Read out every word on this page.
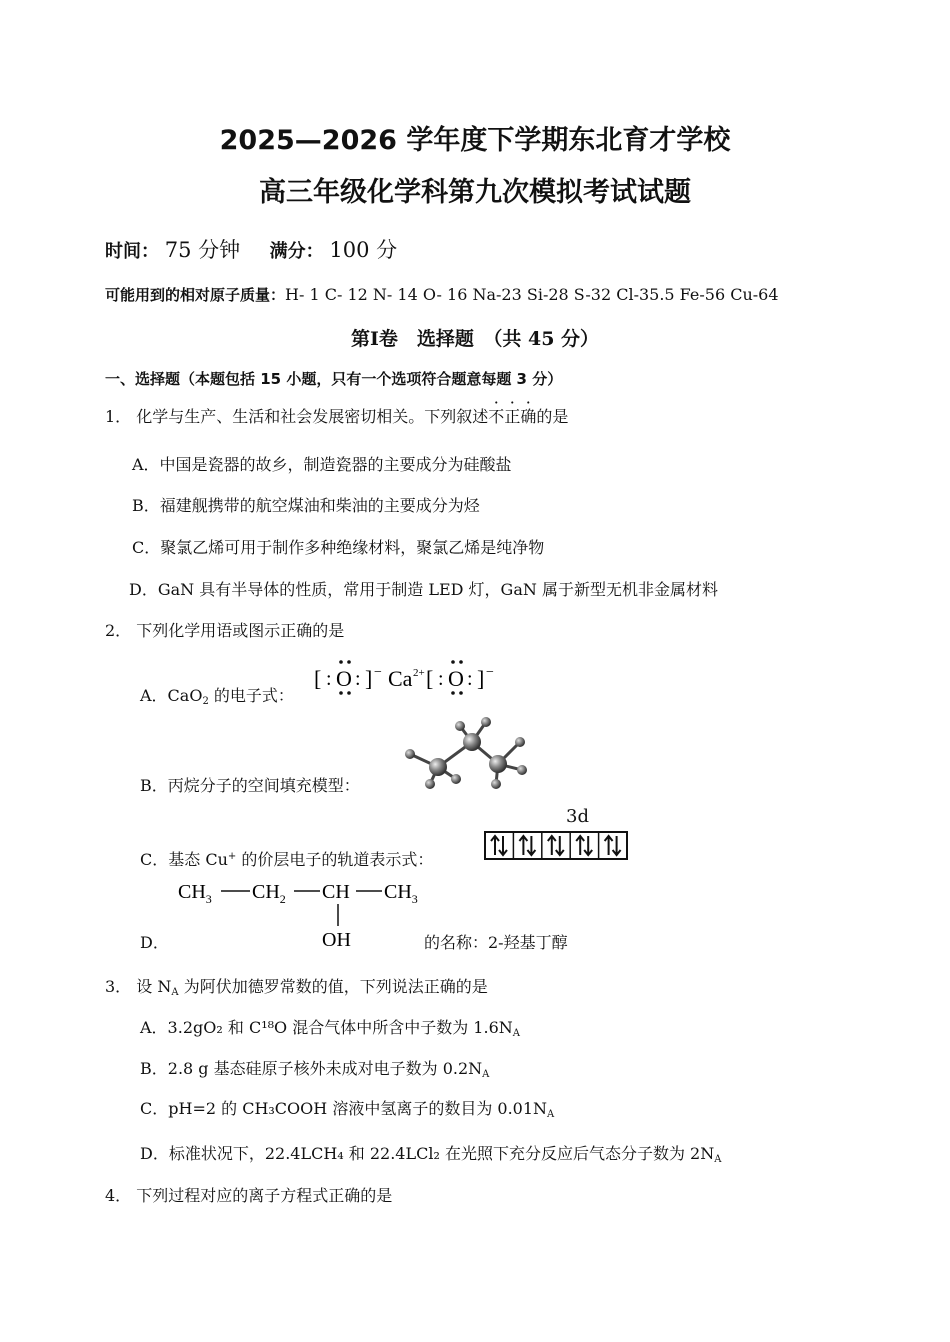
2025—2026 学年度下学期东北育才学校
高三年级化学科第九次模拟考试试题
时间： 75 分钟 满分： 100 分
可能用到的相对原子质量：H- 1 C- 12 N- 14 O- 16 Na-23 Si-28 S-32 Cl-35.5 Fe-56 Cu-64
第Ⅰ卷　选择题　（共 45 分）
一、选择题（本题包括 15 小题，只有一个选项符合题意每题 3 分）
1． 化学与生产、生活和社会发展密切相关。下列叙述不正确的是
A．中国是瓷器的故乡，制造瓷器的主要成分为硅酸盐
B．福建舰携带的航空煤油和柴油的主要成分为烃
C．聚氯乙烯可用于制作多种绝缘材料，聚氯乙烯是纯净物
D．GaN 具有半导体的性质，常用于制造 LED 灯，GaN 属于新型无机非金属材料
2． 下列化学用语或图示正确的是
A．CaO$_2$ 的电子式：
[ : O : ] − Ca 2+ [ : O : ] −
B．丙烷分子的空间填充模型：
3d
C．基态 Cu+ 的价层电子的轨道表示式：
$CH_3$ $CH_2$ CH $CH_3$
OH
D．	的名称：2-羟基丁醇
3． 设 $N_A$ 为阿伏加德罗常数的值，下列说法正确的是
A．3.2gO₂ 和 C¹⁸O 混合气体中所含中子数为 $1.6N_A$
B．2.8 g 基态硅原子核外未成对电子数为 $0.2N_A$
C．pH=2 的 CH₃COOH 溶液中氢离子的数目为 $0.01N_A$
D．标准状况下，22.4LCH₄ 和 22.4LCl₂ 在光照下充分反应后气态分子数为 $2N_A$
4． 下列过程对应的离子方程式正确的是
